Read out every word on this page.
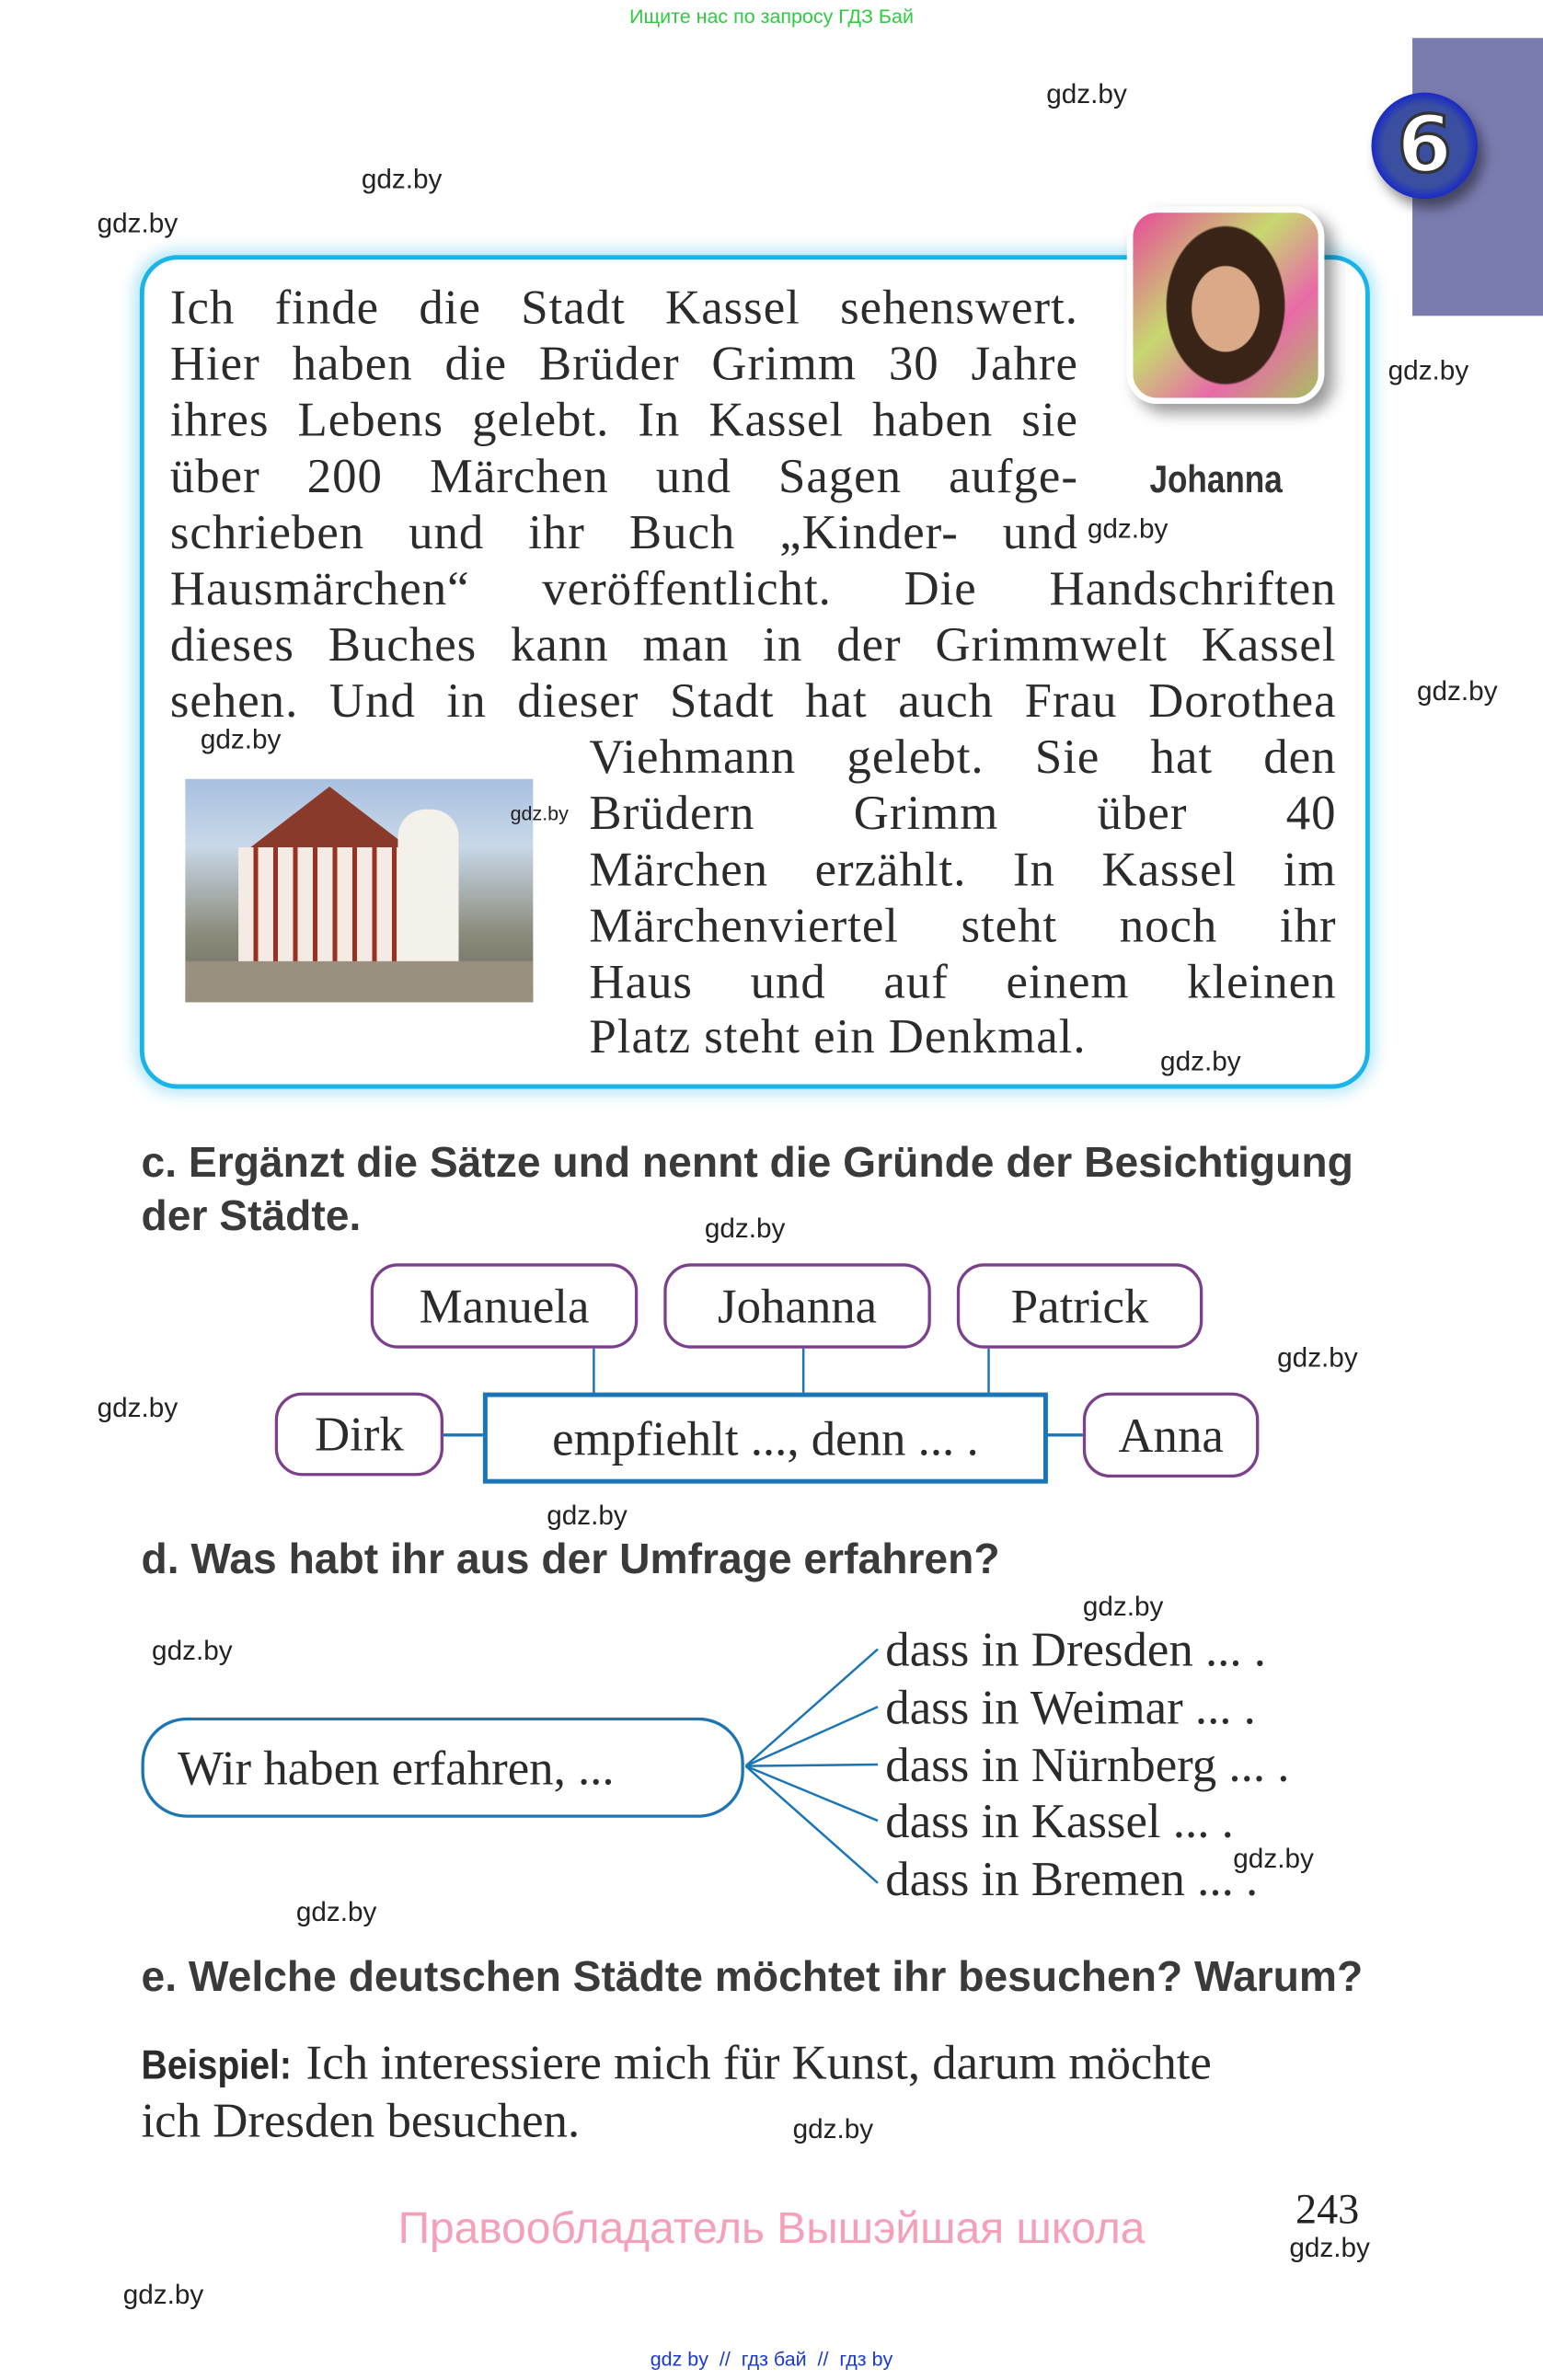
Ищите нас по запросу ГДЗ Бай
6
Johanna
Ich finde die Stadt Kassel sehenswert.
Hier haben die Brüder Grimm 30 Jahre
ihres Lebens gelebt. In Kassel haben sie
über 200 Märchen und Sagen aufge-
schrieben und ihr Buch „Kinder- und
Hausmärchen“ veröffentlicht. Die Handschriften
dieses Buches kann man in der Grimmwelt Kassel
sehen. Und in dieser Stadt hat auch Frau Dorothea
Viehmann gelebt. Sie hat den
Brüdern Grimm über 40
Märchen erzählt. In Kassel im
Märchenviertel steht noch ihr
Haus und auf einem kleinen
Platz steht ein Denkmal.
c. Ergänzt die Sätze und nennt die Gründe der Besichtigung
der Städte.
Manuela	Johanna	Patrick
Dirk	empfiehlt ..., denn ... .	Anna
d. Was habt ihr aus der Umfrage erfahren?
Wir haben erfahren, ...
dass in Dresden ... .
dass in Weimar ... .
dass in Nürnberg ... .
dass in Kassel ... .
dass in Bremen ... .
e. Welche deutschen Städte möchtet ihr besuchen? Warum?
Beispiel: Ich interessiere mich für Kunst, darum möchte
ich Dresden besuchen.
243
Правообладатель Вышэйшая школа
gdz by  //  гдз бай  //  гдз by
gdz.by
gdz.by
gdz.by
gdz.by
gdz.by
gdz.by
gdz.by
gdz.by
gdz.by
gdz.by
gdz.by
gdz.by
gdz.by
gdz.by
gdz.by
gdz.by
gdz.by
gdz.by
gdz.by
gdz.by
